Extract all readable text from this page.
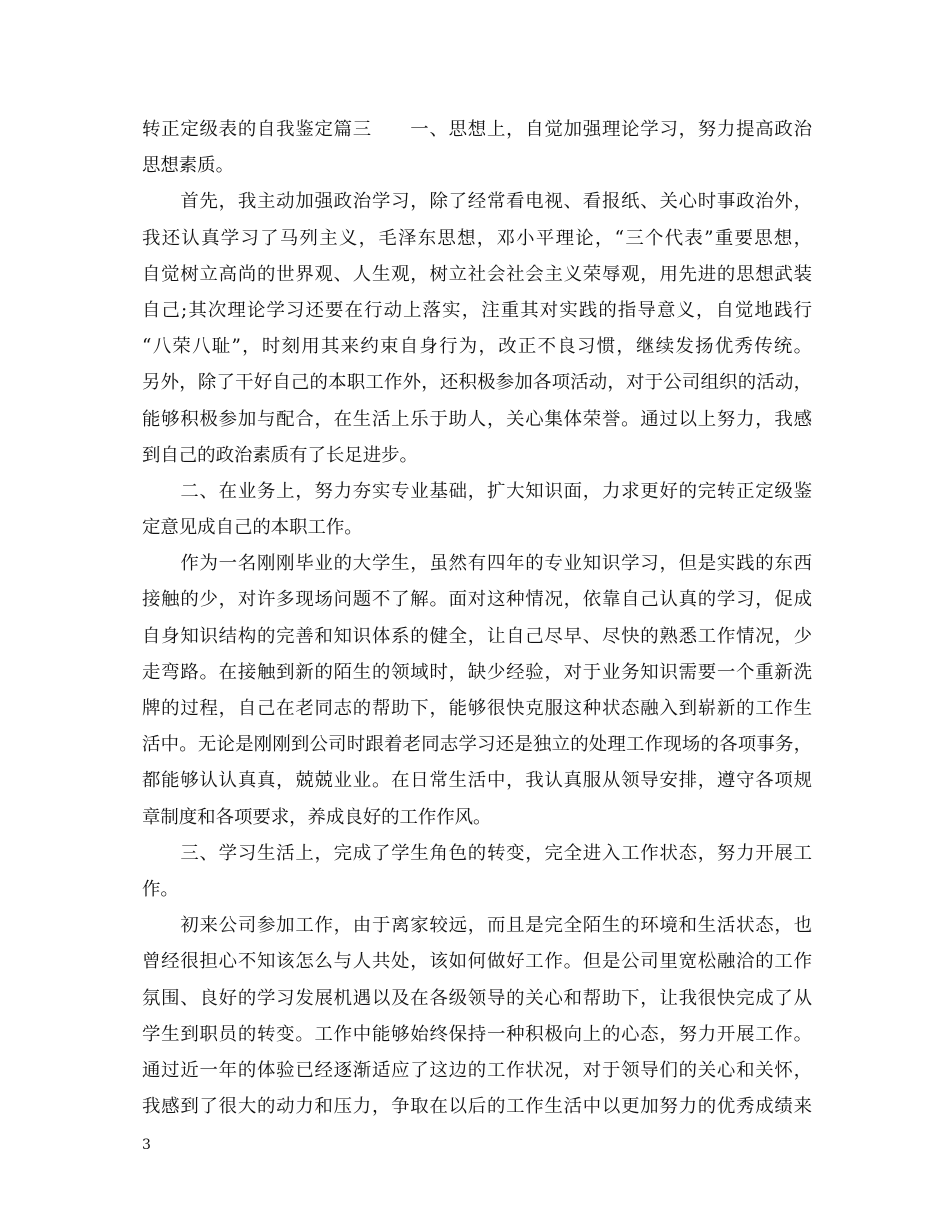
转正定级表的自我鉴定篇三　　一、思想上，自觉加强理论学习，努力提高政治
思想素质。
　　首先，我主动加强政治学习，除了经常看电视、看报纸、关心时事政治外，
我还认真学习了马列主义，毛泽东思想，邓小平理论，“三个代表”重要思想，
自觉树立高尚的世界观、人生观，树立社会社会主义荣辱观，用先进的思想武装
自己;其次理论学习还要在行动上落实，注重其对实践的指导意义，自觉地践行
“八荣八耻”，时刻用其来约束自身行为，改正不良习惯，继续发扬优秀传统。
另外，除了干好自己的本职工作外，还积极参加各项活动，对于公司组织的活动，
能够积极参加与配合，在生活上乐于助人，关心集体荣誉。通过以上努力，我感
到自己的政治素质有了长足进步。
　　二、在业务上，努力夯实专业基础，扩大知识面，力求更好的完转正定级鉴
定意见成自己的本职工作。
　　作为一名刚刚毕业的大学生，虽然有四年的专业知识学习，但是实践的东西
接触的少，对许多现场问题不了解。面对这种情况，依靠自己认真的学习，促成
自身知识结构的完善和知识体系的健全，让自己尽早、尽快的熟悉工作情况，少
走弯路。在接触到新的陌生的领域时，缺少经验，对于业务知识需要一个重新洗
牌的过程，自己在老同志的帮助下，能够很快克服这种状态融入到崭新的工作生
活中。无论是刚刚到公司时跟着老同志学习还是独立的处理工作现场的各项事务，
都能够认认真真，兢兢业业。在日常生活中，我认真服从领导安排，遵守各项规
章制度和各项要求，养成良好的工作作风。
　　三、学习生活上，完成了学生角色的转变，完全进入工作状态，努力开展工
作。
　　初来公司参加工作，由于离家较远，而且是完全陌生的环境和生活状态，也
曾经很担心不知该怎么与人共处，该如何做好工作。但是公司里宽松融洽的工作
氛围、良好的学习发展机遇以及在各级领导的关心和帮助下，让我很快完成了从
学生到职员的转变。工作中能够始终保持一种积极向上的心态，努力开展工作。
通过近一年的体验已经逐渐适应了这边的工作状况，对于领导们的关心和关怀，
我感到了很大的动力和压力，争取在以后的工作生活中以更加努力的优秀成绩来
3
